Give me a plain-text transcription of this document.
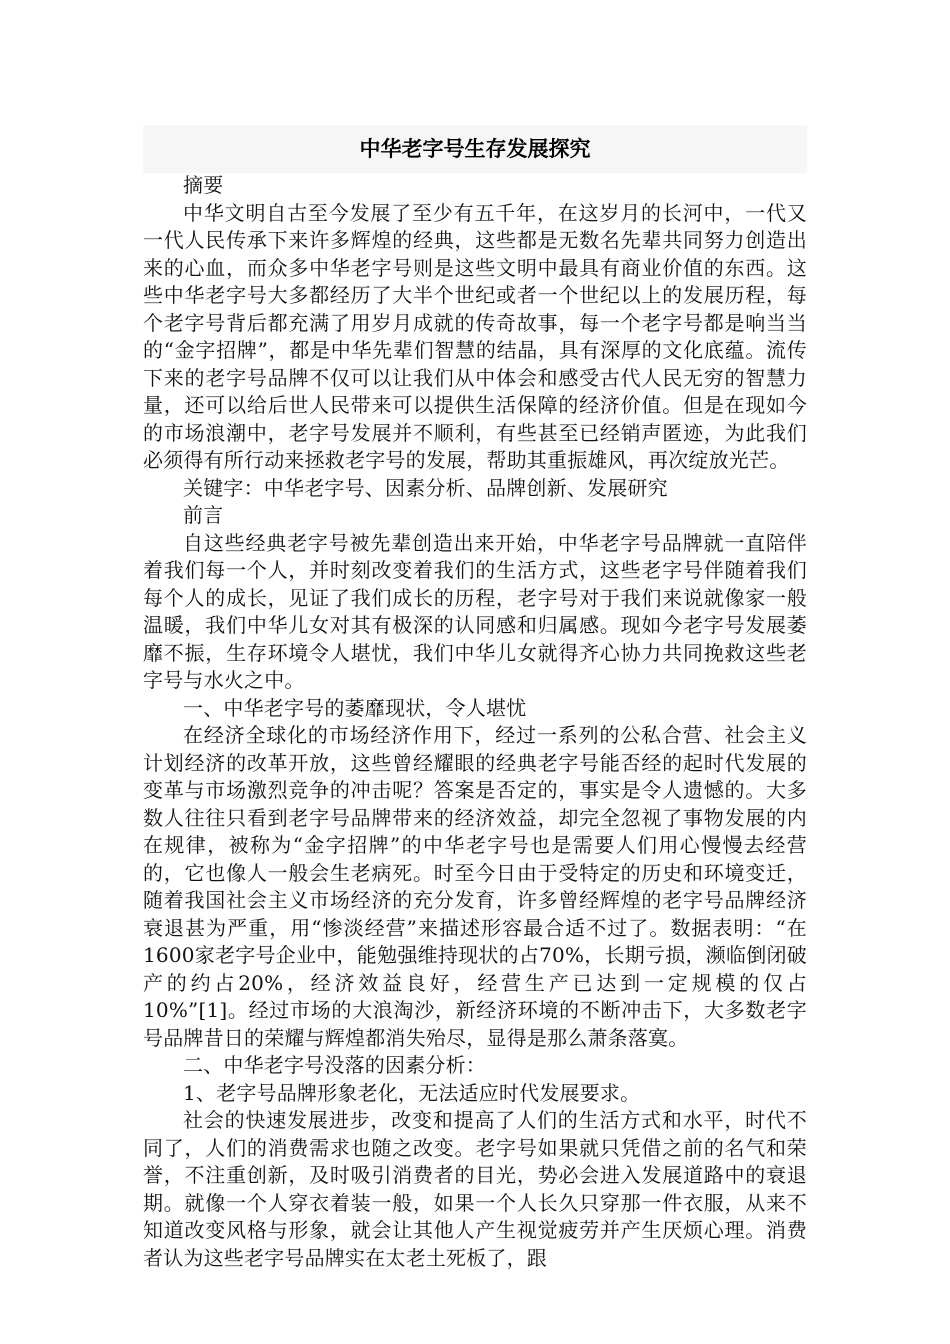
中华老字号生存发展探究

摘要

中华文明自古至今发展了至少有五千年，在这岁月的长河中，一代又一代人民传承下来许多辉煌的经典，这些都是无数名先辈共同努力创造出来的心血，而众多中华老字号则是这些文明中最具有商业价值的东西。这些中华老字号大多都经历了大半个世纪或者一个世纪以上的发展历程，每个老字号背后都充满了用岁月成就的传奇故事，每一个老字号都是响当当的“金字招牌”，都是中华先辈们智慧的结晶，具有深厚的文化底蕴。流传下来的老字号品牌不仅可以让我们从中体会和感受古代人民无穷的智慧力量，还可以给后世人民带来可以提供生活保障的经济价值。但是在现如今的市场浪潮中，老字号发展并不顺利，有些甚至已经销声匿迹，为此我们必须得有所行动来拯救老字号的发展，帮助其重振雄风，再次绽放光芒。

关键字：中华老字号、因素分析、品牌创新、发展研究

前言

自这些经典老字号被先辈创造出来开始，中华老字号品牌就一直陪伴着我们每一个人，并时刻改变着我们的生活方式，这些老字号伴随着我们每个人的成长，见证了我们成长的历程，老字号对于我们来说就像家一般温暖，我们中华儿女对其有极深的认同感和归属感。现如今老字号发展萎靡不振，生存环境令人堪忧，我们中华儿女就得齐心协力共同挽救这些老字号与水火之中。

一、中华老字号的萎靡现状，令人堪忧

在经济全球化的市场经济作用下，经过一系列的公私合营、社会主义计划经济的改革开放，这些曾经耀眼的经典老字号能否经的起时代发展的变革与市场激烈竞争的冲击呢？答案是否定的，事实是令人遗憾的。大多数人往往只看到老字号品牌带来的经济效益，却完全忽视了事物发展的内在规律，被称为“金字招牌”的中华老字号也是需要人们用心慢慢去经营的，它也像人一般会生老病死。时至今日由于受特定的历史和环境变迁，随着我国社会主义市场经济的充分发育，许多曾经辉煌的老字号品牌经济衰退甚为严重，用“惨淡经营”来描述形容最合适不过了。数据表明：“在1600家老字号企业中，能勉强维持现状的占70%，长期亏损，濒临倒闭破产的约占20%，经济效益良好，经营生产已达到一定规模的仅占10%”[1]。经过市场的大浪淘沙，新经济环境的不断冲击下，大多数老字号品牌昔日的荣耀与辉煌都消失殆尽，显得是那么萧条落寞。

二、中华老字号没落的因素分析：

1、老字号品牌形象老化，无法适应时代发展要求。

社会的快速发展进步，改变和提高了人们的生活方式和水平，时代不同了，人们的消费需求也随之改变。老字号如果就只凭借之前的名气和荣誉，不注重创新，及时吸引消费者的目光，势必会进入发展道路中的衰退期。就像一个人穿衣着装一般，如果一个人长久只穿那一件衣服，从来不知道改变风格与形象，就会让其他人产生视觉疲劳并产生厌烦心理。消费者认为这些老字号品牌实在太老土死板了，跟
